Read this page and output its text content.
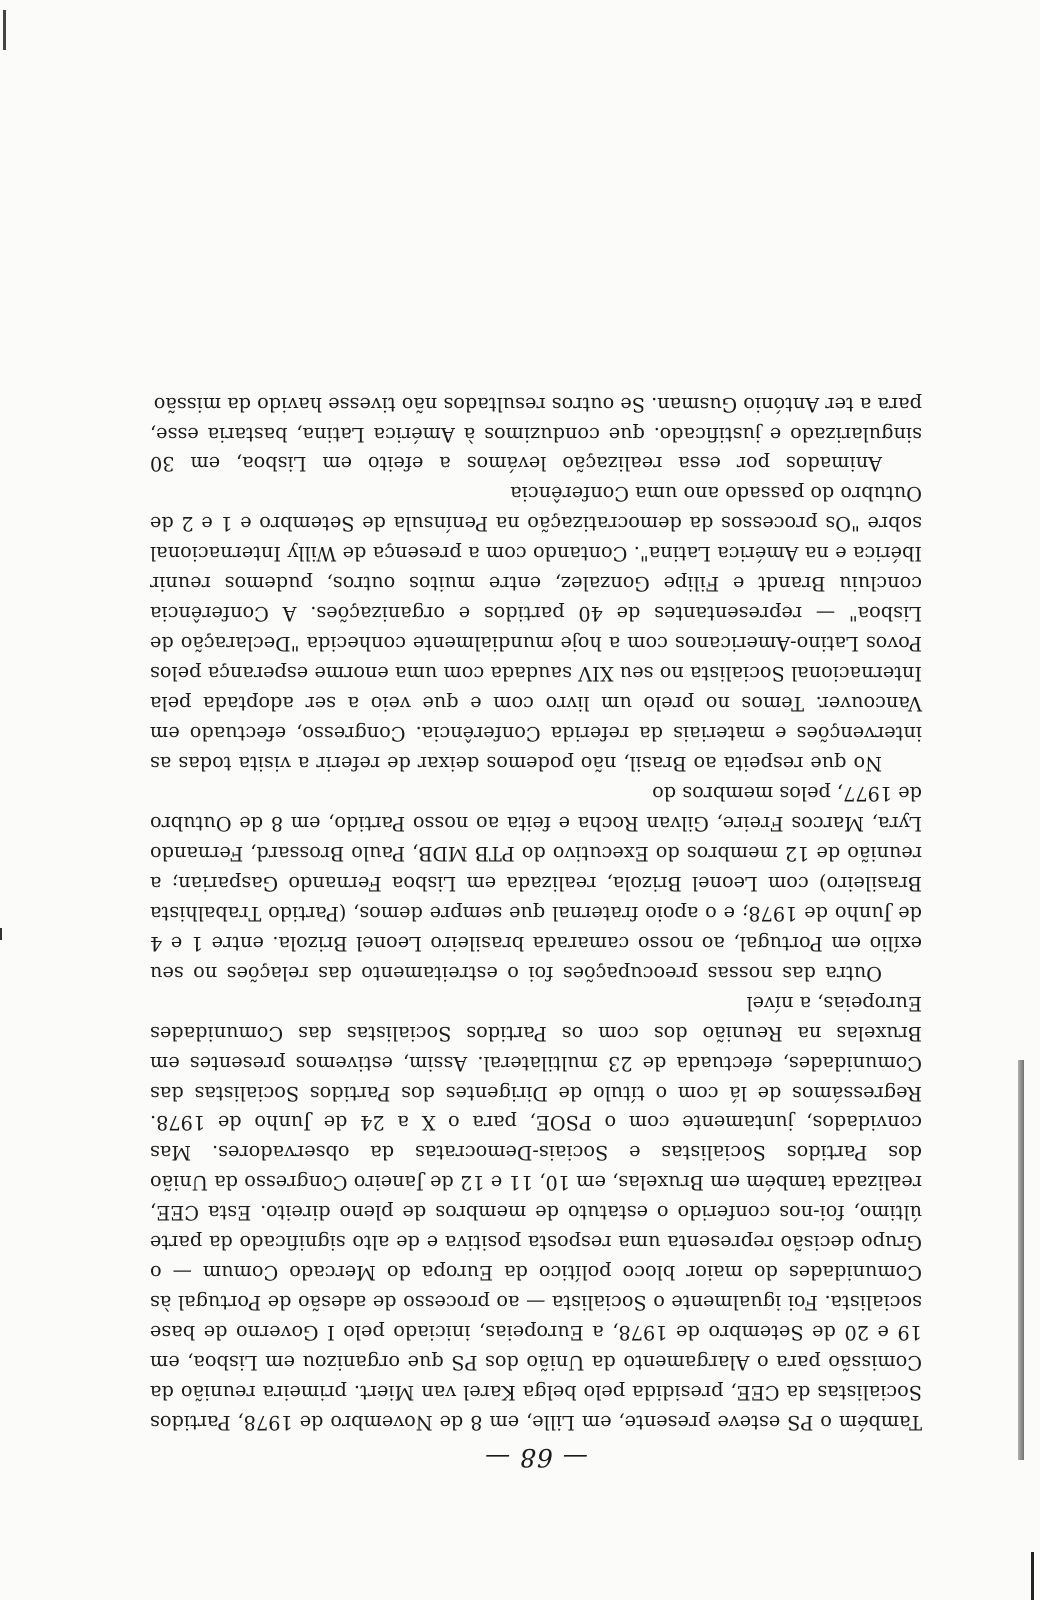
— 68 —

Também o PS esteve presente, em Lille, em 8 de Novembro de 1978, Partidos Socialistas da CEE, presidida pelo belga Karel van Miert. primeira reunião da Comissão para o Alargamento da União dos PS que organizou em Lisboa, em 19 e 20 de Setembro de 1978, a Europeias, iniciado pelo I Governo de base socialista. Foi igualmente o Socialista — ao processo de adesão de Portugal às Comunidades do maior bloco político da Europa do Mercado Comum — o Grupo decisão representa uma resposta positiva e de alto significado da parte último, foi-nos conferido o estatuto de membros de pleno direito. Esta CEE, realizada também em Bruxelas, em 10, 11 e 12 de Janeiro Congresso da União dos Partidos Socialistas e Sociais-Democratas da observadores. Mas convidados, juntamente com o PSOE, para o X a 24 de Junho de 1978. Regressámos de lá com o título de Dirigentes dos Partidos Socialistas das Comunidades, efectuada de 23 multilateral. Assim, estivemos presentes em Bruxelas na Reunião dos com os Partidos Socialistas das Comunidades Europeias, a nível

Outra das nossas preocupações foi o estreitamento das relações no seu exílio em Portugal, ao nosso camarada brasileiro Leonel Brizola. entre 1 e 4 de Junho de 1978; e o apoio fraternal que sempre demos, (Partido Trabalhista Brasileiro) com Leonel Brizola, realizada em Lisboa Fernando Gasparian; a reunião de 12 membros do Executivo do PTB MDB, Paulo Brossard, Fernando Lyra, Marcos Freire, Gilvan Rocha e feita ao nosso Partido, em 8 de Outubro de 1977, pelos membros do

No que respeita ao Brasil, não podemos deixar de referir a visita todas as intervenções e materiais da referida Conferência. Congresso, efectuado em Vancouver. Temos no prelo um livro com e que veio a ser adoptada pela Internacional Socialista no seu XIV saudada com uma enorme esperança pelos Povos Latino-Americanos com a hoje mundialmente conhecida "Declaração de Lisboa" — representantes de 40 partidos e organizações. A Conferência concluiu Brandt e Filipe Gonzalez, entre muitos outros, pudemos reunir Ibérica e na América Latina". Contando com a presença de Willy Internacional sobre "Os processos da democratização na Península de Setembro e 1 e 2 de Outubro do passado ano uma Conferência

Animados por essa realização levámos a efeito em Lisboa, em 30 singularizado e justificado. que conduzimos à América Latina, bastaria esse, para a ter António Gusman. Se outros resultados não tivesse havido da missão
